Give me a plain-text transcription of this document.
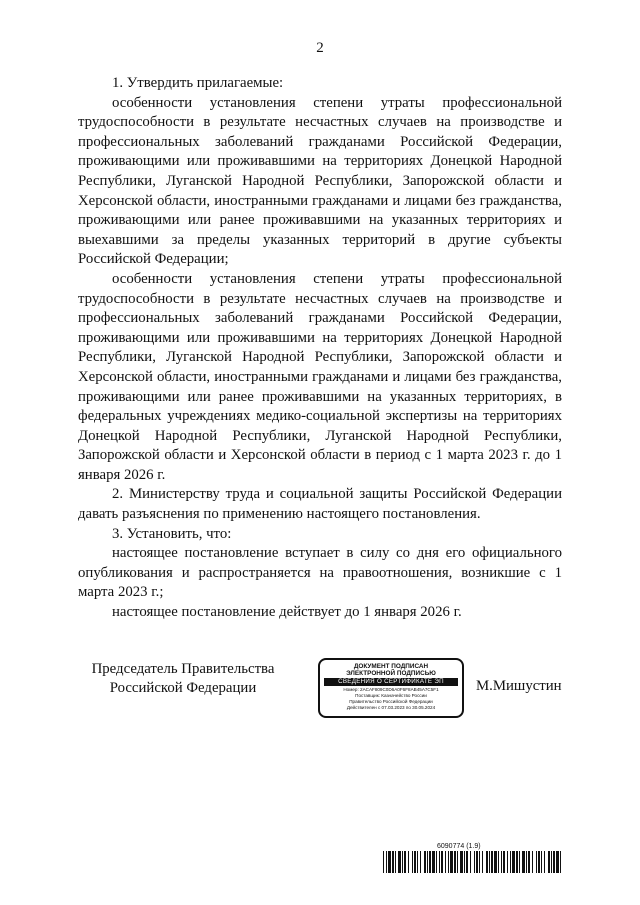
2

1. Утвердить прилагаемые:

особенности установления степени утраты профессиональной трудоспособности в результате несчастных случаев на производстве и профессиональных заболеваний гражданами Российской Федерации, проживающими или проживавшими на территориях Донецкой Народной Республики, Луганской Народной Республики, Запорожской области и Херсонской области, иностранными гражданами и лицами без гражданства, проживающими или ранее проживавшими на указанных территориях и выехавшими за пределы указанных территорий в другие субъекты Российской Федерации;

особенности установления степени утраты профессиональной трудоспособности в результате несчастных случаев на производстве и профессиональных заболеваний гражданами Российской Федерации, проживающими или проживавшими на территориях Донецкой Народной Республики, Луганской Народной Республики, Запорожской области и Херсонской области, иностранными гражданами и лицами без гражданства, проживающими или ранее проживавшими на указанных территориях, в федеральных учреждениях медико-социальной экспертизы на территориях Донецкой Народной Республики, Луганской Народной Республики, Запорожской области и Херсонской области в период с 1 марта 2023 г. до 1 января 2026 г.

2. Министерству труда и социальной защиты Российской Федерации давать разъяснения по применению настоящего постановления.

3. Установить, что:

настоящее постановление вступает в силу со дня его официального опубликования и распространяется на правоотношения, возникшие с 1 марта 2023 г.;

настоящее постановление действует до 1 января 2026 г.

Председатель Правительства
Российской Федерации
ДОКУМЕНТ ПОДПИСАН
ЭЛЕКТРОННОЙ ПОДПИСЬЮ
СВЕДЕНИЯ О СЕРТИФИКАТЕ ЭП
Номер: 2ACAF809C0D6A0F6F8AB45A7C5F1
Поставщик: Казначейство России
Правительство Российской Федерации
Действителен с 07.03.2023 по 30.05.2024
М.Мишустин
6090774 (1.9)
